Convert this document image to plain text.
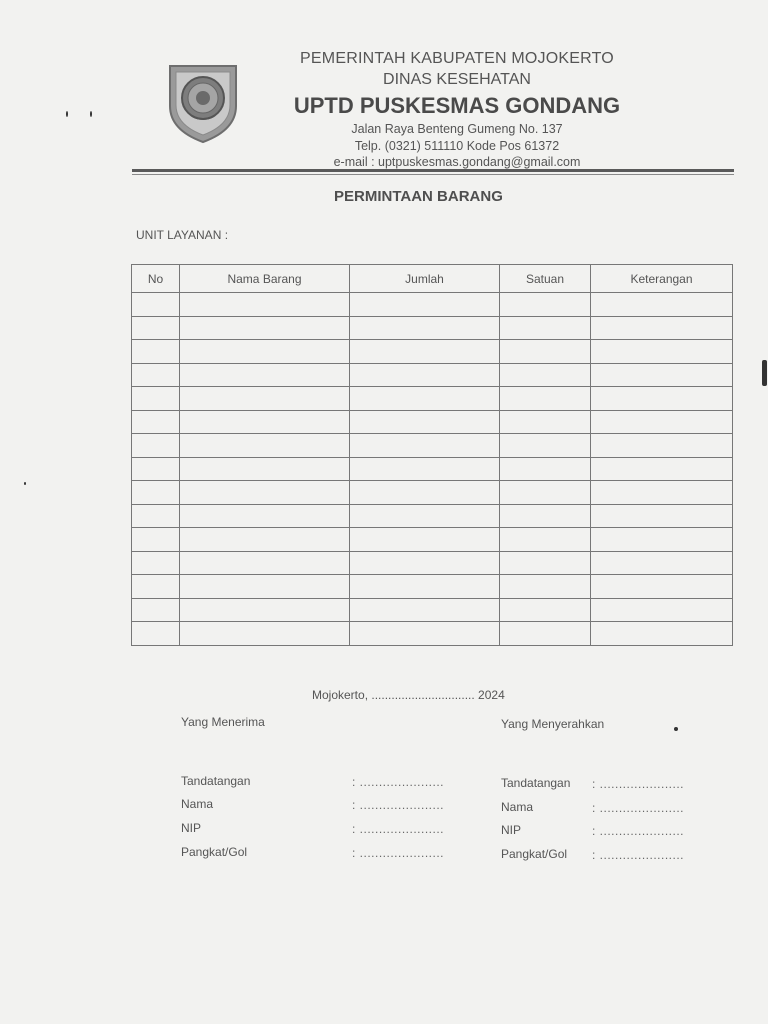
PEMERINTAH KABUPATEN MOJOKERTO
DINAS KESEHATAN
UPTD PUSKESMAS GONDANG
Jalan Raya Benteng Gumeng No. 137
Telp. (0321) 511110 Kode Pos 61372
e-mail : uptpuskesmas.gondang@gmail.com
PERMINTAAN BARANG
UNIT LAYANAN :
No	Nama Barang	Jumlah	Satuan	Keterangan

Mojokerto, ............................... 2024
Yang Menerima	Yang Menyerahkan
Tandatangan	: ......................
Nama	: ......................
NIP	: ......................
Pangkat/Gol	: ......................
Tandatangan : ......................
Nama	: ......................
NIP	: ......................
Pangkat/Gol : ......................
